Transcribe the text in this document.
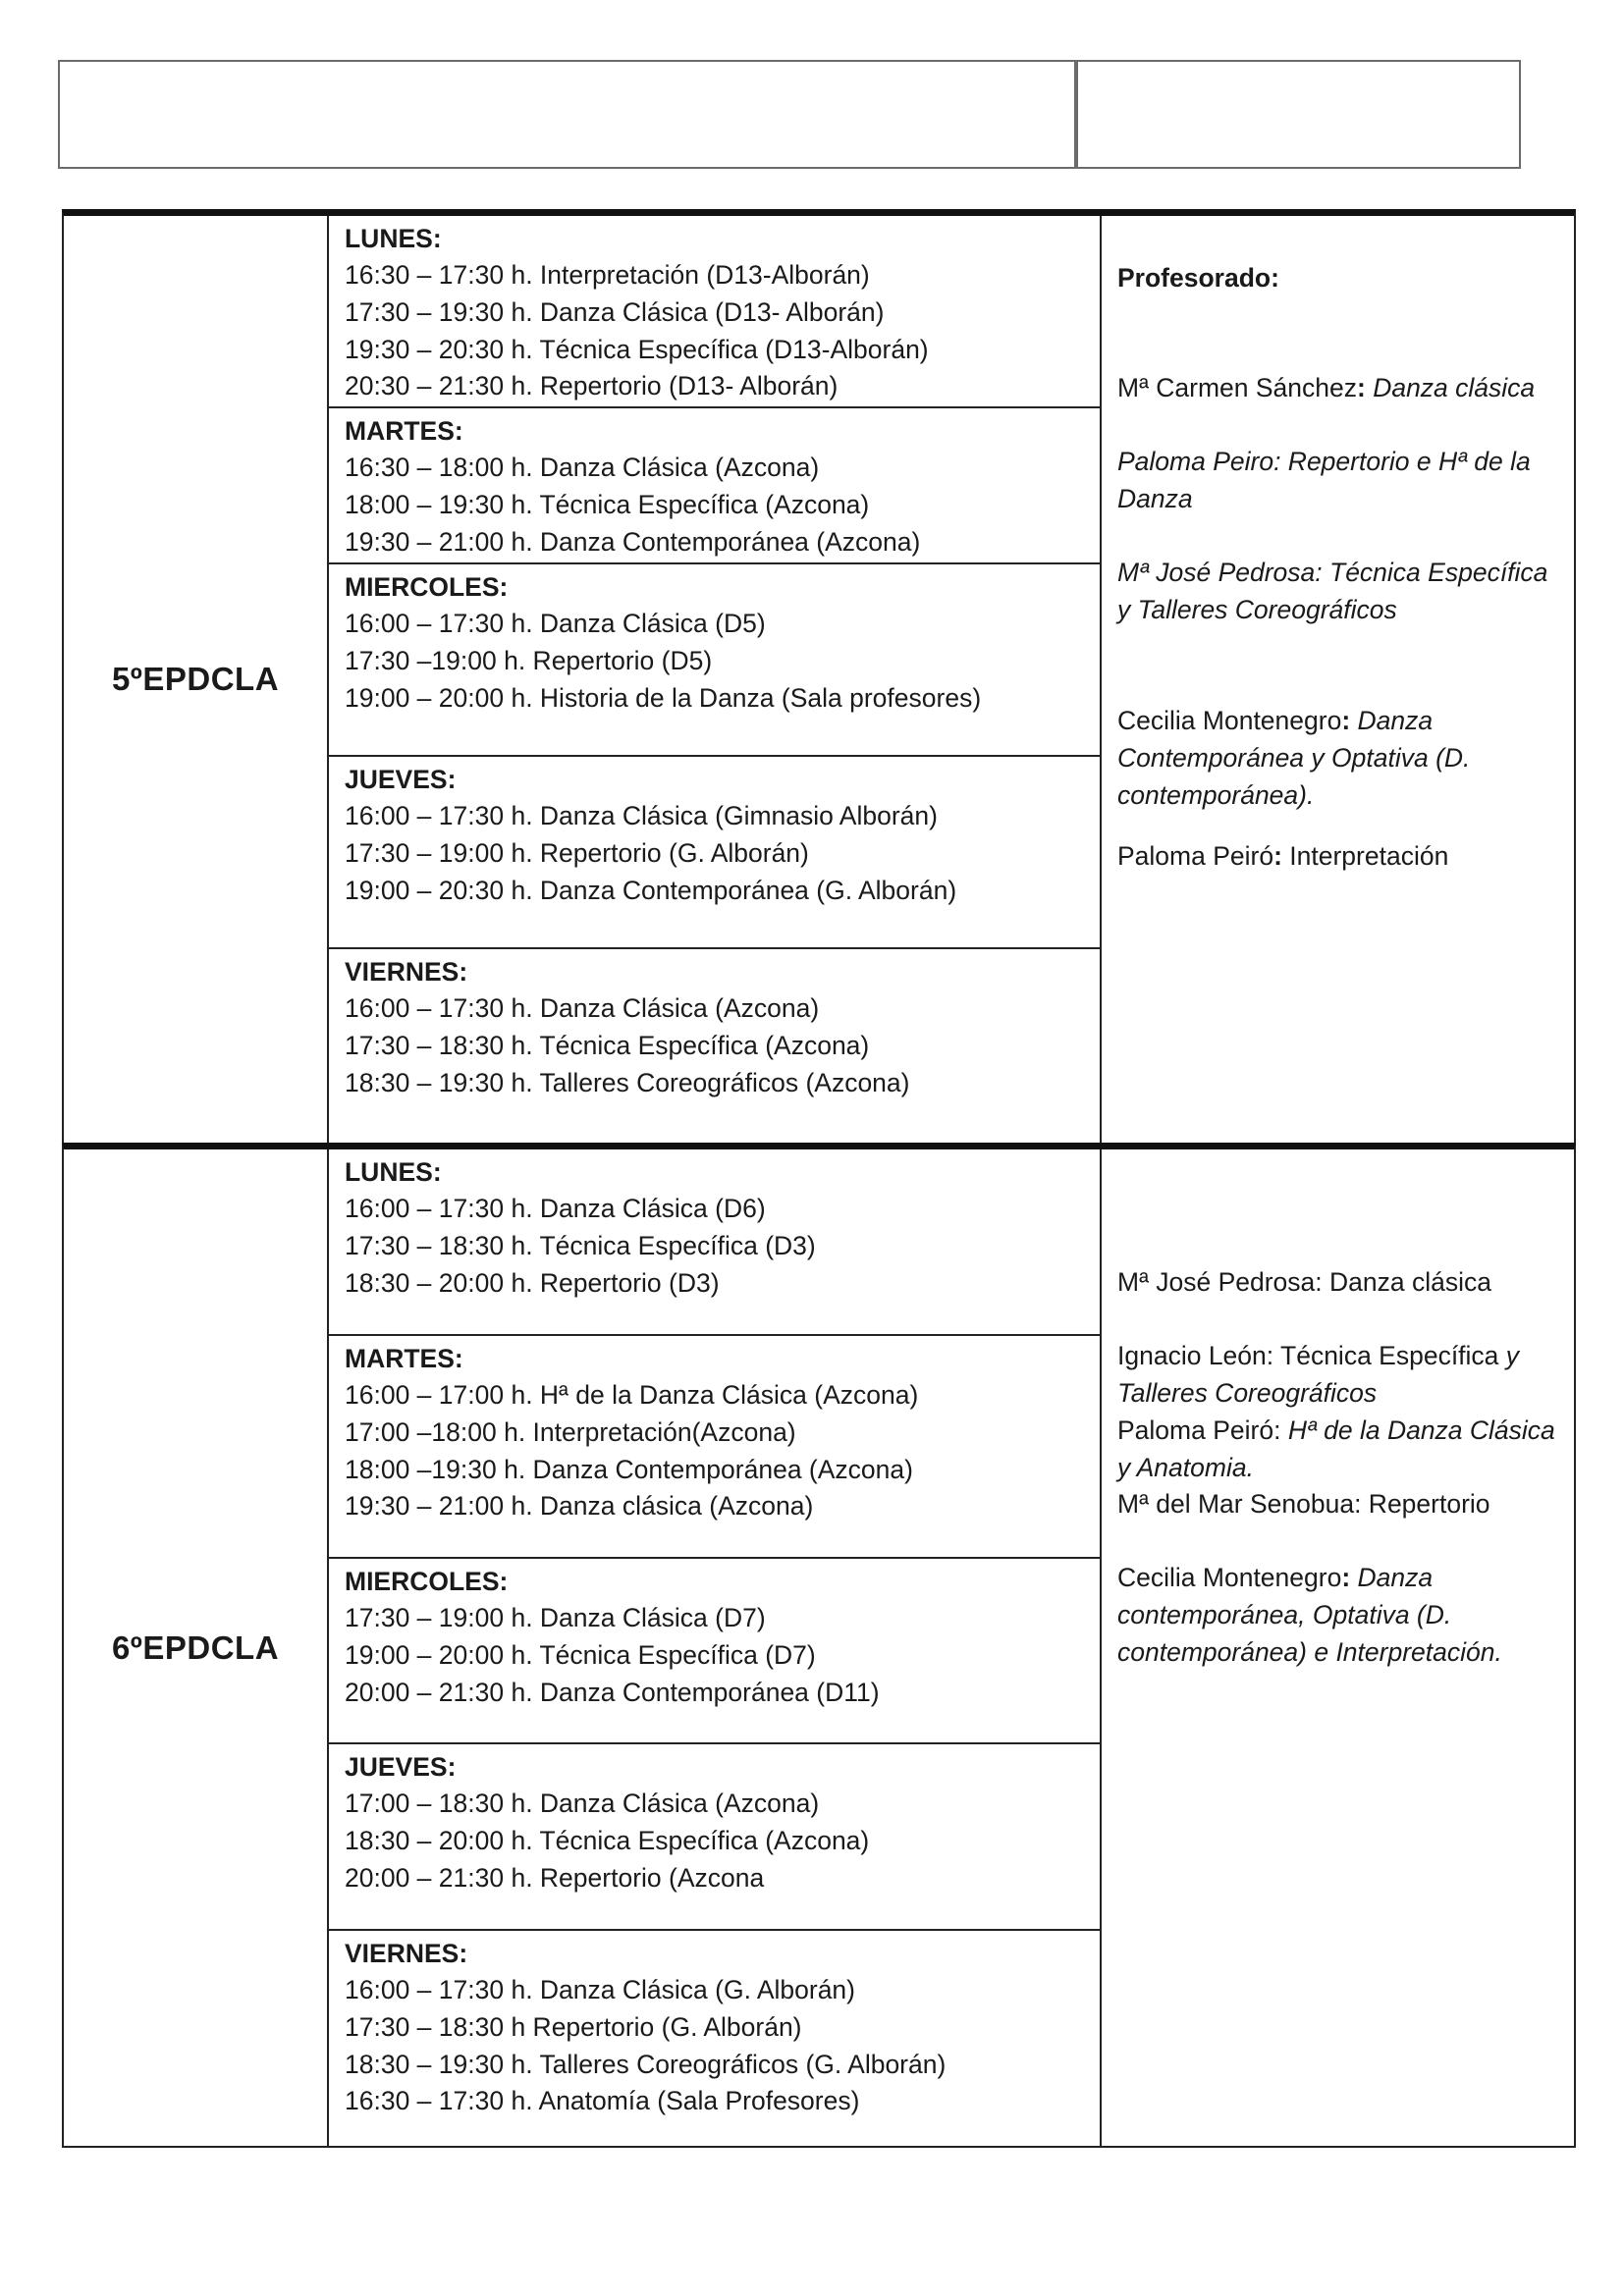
5ºEPDCLA
LUNES:
16:30 – 17:30 h. Interpretación (D13-Alborán)
17:30 – 19:30 h. Danza Clásica (D13- Alborán)
19:30 – 20:30 h. Técnica Específica (D13-Alborán)
20:30 – 21:30 h. Repertorio (D13- Alborán)
MARTES:
16:30 – 18:00 h. Danza Clásica (Azcona)
18:00 – 19:30 h. Técnica Específica (Azcona)
19:30 – 21:00 h. Danza Contemporánea (Azcona)
MIERCOLES:
16:00 – 17:30 h. Danza Clásica (D5)
17:30 –19:00 h. Repertorio (D5)
19:00 – 20:00 h. Historia de la Danza (Sala profesores)
JUEVES:
16:00 – 17:30 h. Danza Clásica (Gimnasio Alborán)
17:30 – 19:00 h. Repertorio (G. Alborán)
19:00 – 20:30 h. Danza Contemporánea (G. Alborán)
VIERNES:
16:00 – 17:30 h. Danza Clásica (Azcona)
17:30 – 18:30 h. Técnica Específica (Azcona)
18:30 – 19:30 h. Talleres Coreográficos (Azcona)
Profesorado:
Mª Carmen Sánchez: Danza clásica
Paloma Peiro: Repertorio e Hª de la Danza
Mª José Pedrosa: Técnica Específica y Talleres Coreográficos
Cecilia Montenegro: Danza Contemporánea y Optativa (D. contemporánea).
Paloma Peiró: Interpretación
6ºEPDCLA
LUNES:
16:00 – 17:30 h. Danza Clásica (D6)
17:30 – 18:30 h. Técnica Específica (D3)
18:30 – 20:00 h. Repertorio (D3)
MARTES:
16:00 – 17:00 h. Hª de la Danza Clásica (Azcona)
17:00 –18:00 h. Interpretación(Azcona)
18:00 –19:30 h. Danza Contemporánea (Azcona)
19:30 – 21:00 h. Danza clásica (Azcona)
MIERCOLES:
17:30 – 19:00 h. Danza Clásica (D7)
19:00 – 20:00 h. Técnica Específica (D7)
20:00 – 21:30 h. Danza Contemporánea (D11)
JUEVES:
17:00 – 18:30 h. Danza Clásica (Azcona)
18:30 – 20:00 h. Técnica Específica (Azcona)
20:00 – 21:30 h. Repertorio (Azcona
VIERNES:
16:00 – 17:30 h. Danza Clásica (G. Alborán)
17:30 – 18:30 h Repertorio (G. Alborán)
18:30 – 19:30 h. Talleres Coreográficos (G. Alborán)
16:30 – 17:30 h. Anatomía (Sala Profesores)
Mª José Pedrosa: Danza clásica
Ignacio León: Técnica Específica y Talleres Coreográficos
Paloma Peiró: Hª de la Danza Clásica y Anatomia.
Mª del Mar Senobua: Repertorio
Cecilia Montenegro: Danza contemporánea, Optativa (D. contemporánea) e Interpretación.
